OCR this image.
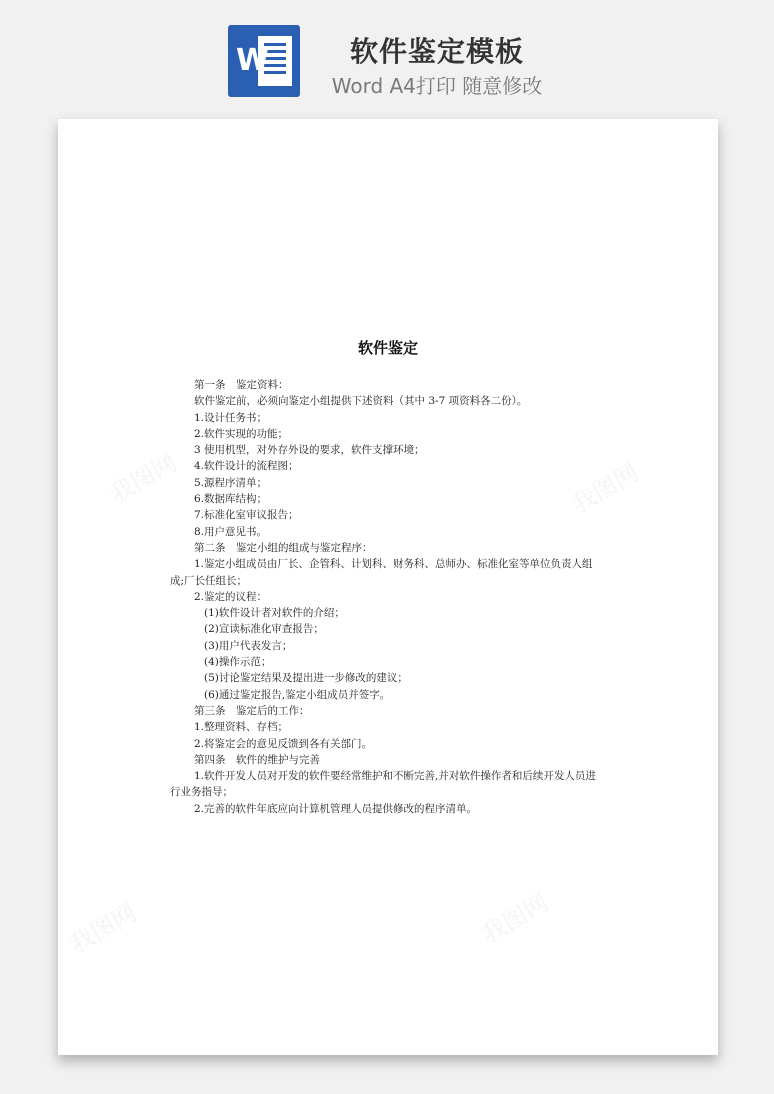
W	软件鉴定模板
Word A4打印 随意修改
我图网	我图网
我图网	我图网
软件鉴定

第一条　鉴定资料：

软件鉴定前，必须向鉴定小组提供下述资料（其中 3-7 项资料各二份）。

1.设计任务书；

2.软件实现的功能；

3 使用机型，对外存外设的要求，软件支撑环境；

4.软件设计的流程图；

5.源程序清单；

6.数据库结构；

7.标准化室审议报告；

8.用户意见书。

第二条　鉴定小组的组成与鉴定程序：

1.鉴定小组成员由厂长、企管科、计划科、财务科、总师办、标准化室等单位负责人组成;厂长任组长；

2.鉴定的议程：

(1)软件设计者对软件的介绍；

(2)宣读标准化审查报告；

(3)用户代表发言；

(4)操作示范；

(5)讨论鉴定结果及提出进一步修改的建议；

(6)通过鉴定报告,鉴定小组成员并签字。

第三条　鉴定后的工作：

1.整理资料、存档；

2.将鉴定会的意见反馈到各有关部门。

第四条　软件的维护与完善

1.软件开发人员对开发的软件要经常维护和不断完善,并对软件操作者和后续开发人员进行业务指导；

2.完善的软件年底应向计算机管理人员提供修改的程序清单。
